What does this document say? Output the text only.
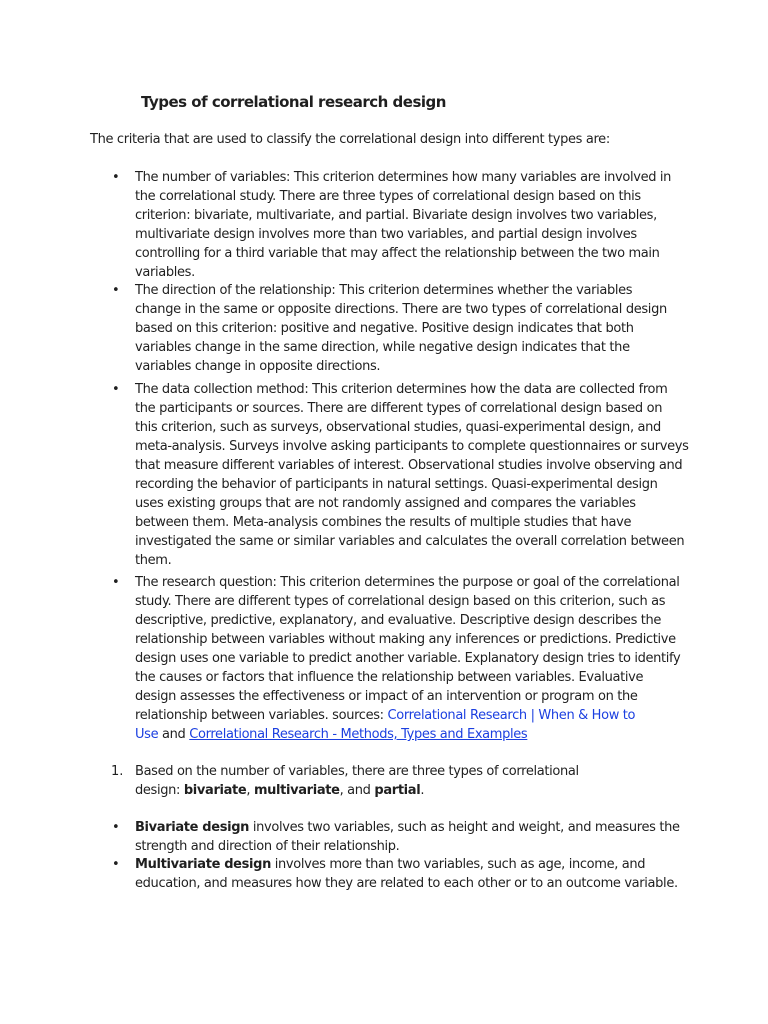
Types of correlational research design
The criteria that are used to classify the correlational design into different types are:
• The number of variables: This criterion determines how many variables are involved in
the correlational study. There are three types of correlational design based on this
criterion: bivariate, multivariate, and partial. Bivariate design involves two variables,
multivariate design involves more than two variables, and partial design involves
controlling for a third variable that may affect the relationship between the two main
variables.
• The direction of the relationship: This criterion determines whether the variables
change in the same or opposite directions. There are two types of correlational design
based on this criterion: positive and negative. Positive design indicates that both
variables change in the same direction, while negative design indicates that the
variables change in opposite directions.
• The data collection method: This criterion determines how the data are collected from
the participants or sources. There are different types of correlational design based on
this criterion, such as surveys, observational studies, quasi-experimental design, and
meta-analysis. Surveys involve asking participants to complete questionnaires or surveys
that measure different variables of interest. Observational studies involve observing and
recording the behavior of participants in natural settings. Quasi-experimental design
uses existing groups that are not randomly assigned and compares the variables
between them. Meta-analysis combines the results of multiple studies that have
investigated the same or similar variables and calculates the overall correlation between
them.
• The research question: This criterion determines the purpose or goal of the correlational
study. There are different types of correlational design based on this criterion, such as
descriptive, predictive, explanatory, and evaluative. Descriptive design describes the
relationship between variables without making any inferences or predictions. Predictive
design uses one variable to predict another variable. Explanatory design tries to identify
the causes or factors that influence the relationship between variables. Evaluative
design assesses the effectiveness or impact of an intervention or program on the
relationship between variables. sources: Correlational Research | When & How to
Use and Correlational Research - Methods, Types and Examples
1. Based on the number of variables, there are three types of correlational
design: bivariate, multivariate, and partial.
• Bivariate design involves two variables, such as height and weight, and measures the
strength and direction of their relationship.
• Multivariate design involves more than two variables, such as age, income, and
education, and measures how they are related to each other or to an outcome variable.
